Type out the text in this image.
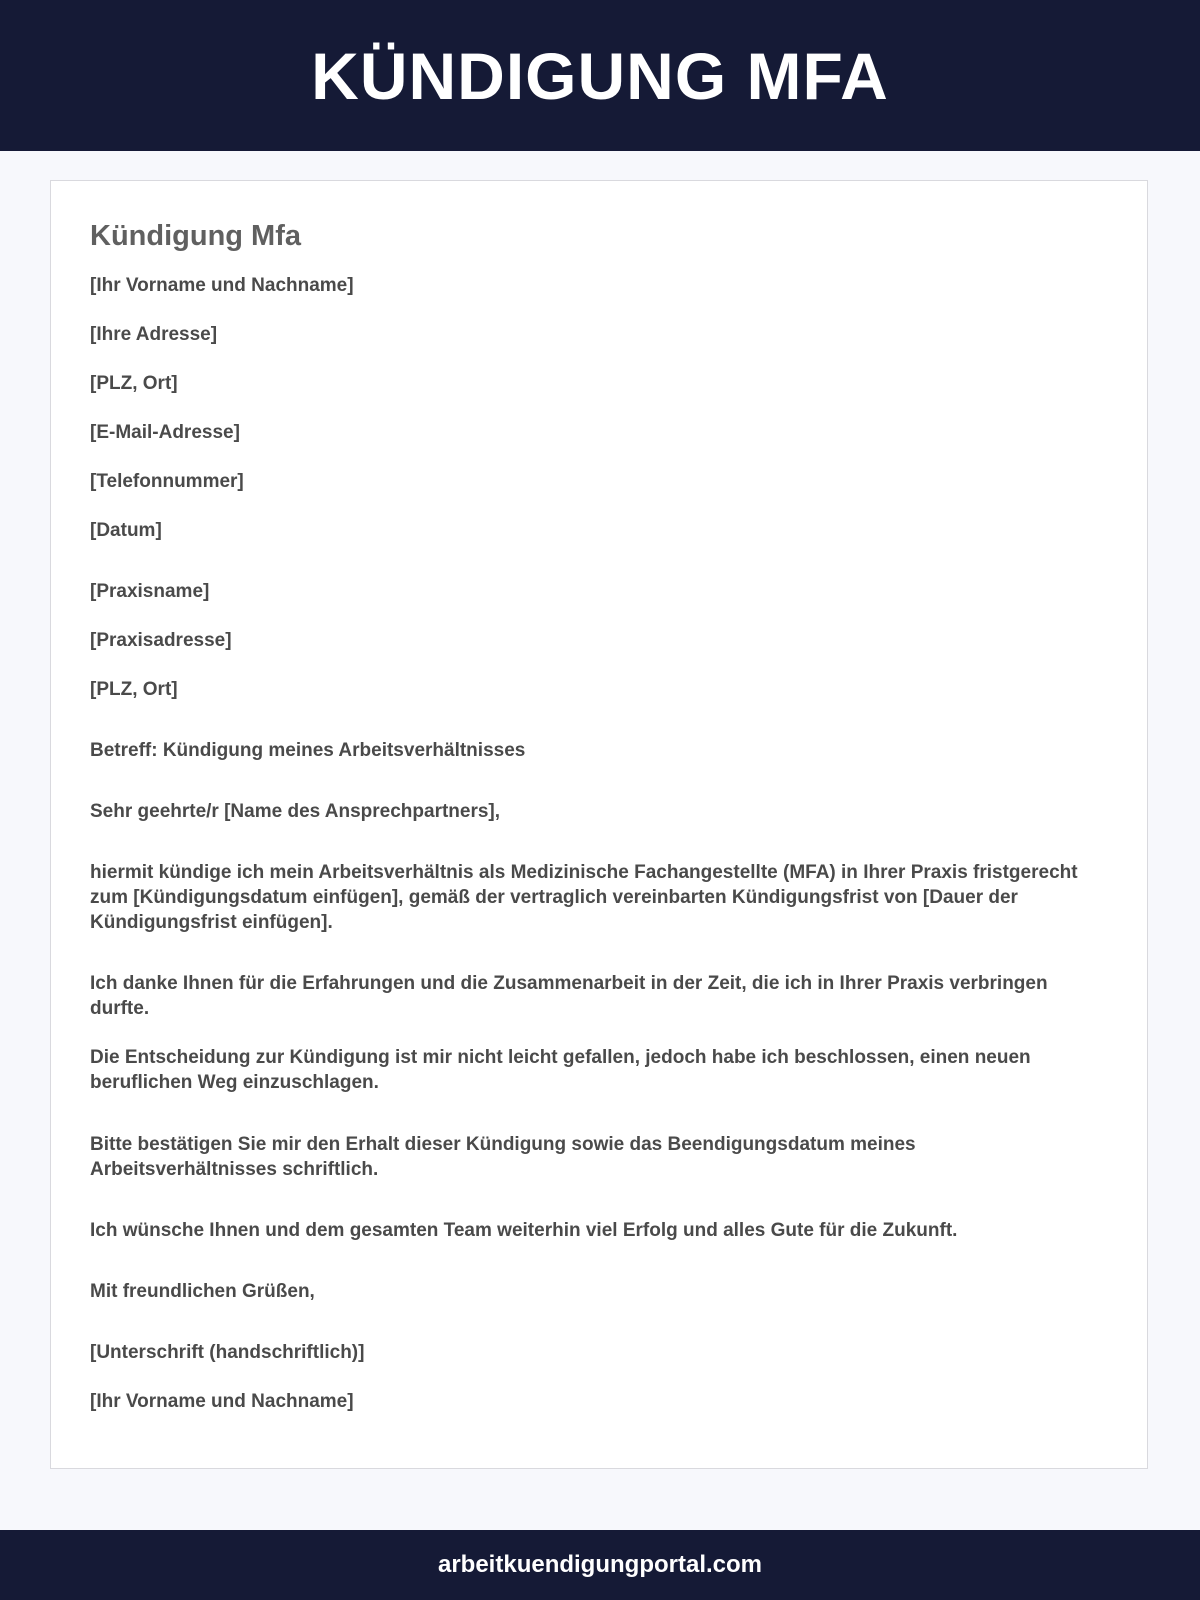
KÜNDIGUNG MFA
Kündigung Mfa

[Ihr Vorname und Nachname]

[Ihre Adresse]

[PLZ, Ort]

[E-Mail-Adresse]

[Telefonnummer]

[Datum]

[Praxisname]

[Praxisadresse]

[PLZ, Ort]

Betreff: Kündigung meines Arbeitsverhältnisses

Sehr geehrte/r [Name des Ansprechpartners],

hiermit kündige ich mein Arbeitsverhältnis als Medizinische Fachangestellte (MFA) in Ihrer Praxis fristgerecht zum [Kündigungsdatum einfügen], gemäß der vertraglich vereinbarten Kündigungsfrist von [Dauer der Kündigungsfrist einfügen].

Ich danke Ihnen für die Erfahrungen und die Zusammenarbeit in der Zeit, die ich in Ihrer Praxis verbringen durfte.

Die Entscheidung zur Kündigung ist mir nicht leicht gefallen, jedoch habe ich beschlossen, einen neuen beruflichen Weg einzuschlagen.

Bitte bestätigen Sie mir den Erhalt dieser Kündigung sowie das Beendigungsdatum meines Arbeitsverhältnisses schriftlich.

Ich wünsche Ihnen und dem gesamten Team weiterhin viel Erfolg und alles Gute für die Zukunft.

Mit freundlichen Grüßen,

[Unterschrift (handschriftlich)]

[Ihr Vorname und Nachname]

arbeitkuendigungportal.com
